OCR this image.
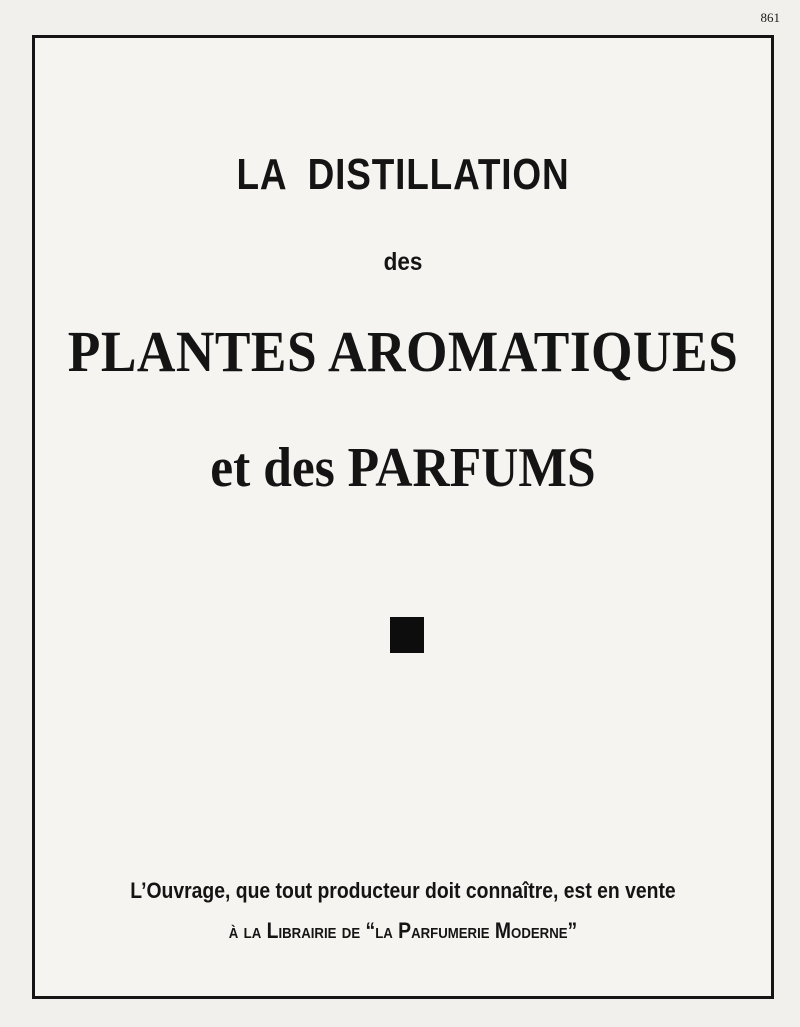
861
LA DISTILLATION
des
PLANTES AROMATIQUES
et des PARFUMS
L’Ouvrage, que tout producteur doit connaître, est en vente
à la Librairie de “la Parfumerie Moderne”
